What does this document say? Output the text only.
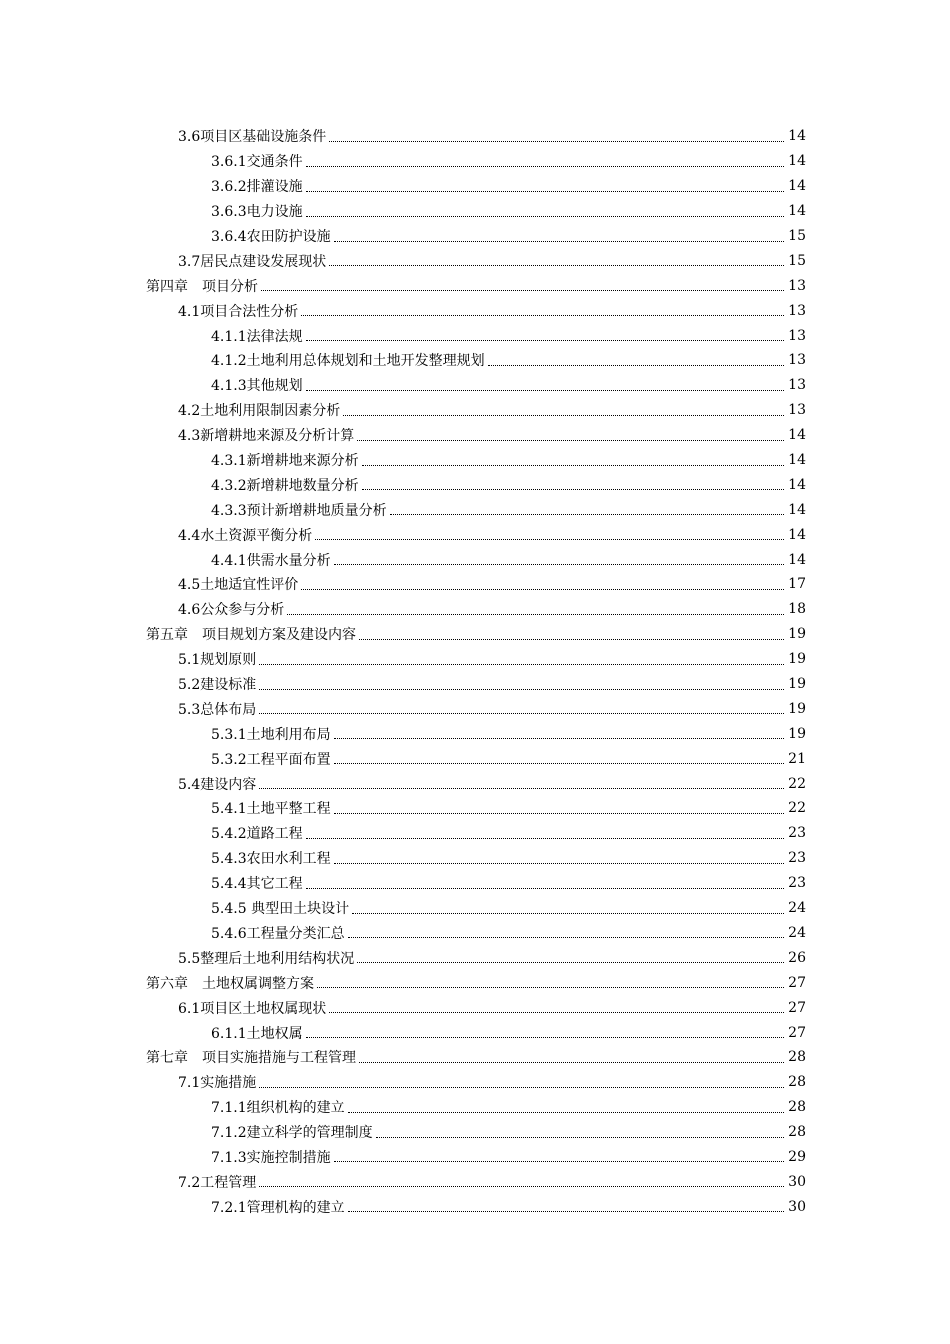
3.6项目区基础设施条件	14
3.6.1交通条件	14
3.6.2排灌设施	14
3.6.3电力设施	14
3.6.4农田防护设施	15
3.7居民点建设发展现状	15
第四章　项目分析	13
4.1项目合法性分析	13
4.1.1法律法规	13
4.1.2土地利用总体规划和土地开发整理规划	13
4.1.3其他规划	13
4.2土地利用限制因素分析	13
4.3新增耕地来源及分析计算	14
4.3.1新增耕地来源分析	14
4.3.2新增耕地数量分析	14
4.3.3预计新增耕地质量分析	14
4.4水土资源平衡分析	14
4.4.1供需水量分析	14
4.5土地适宜性评价	17
4.6公众参与分析	18
第五章　项目规划方案及建设内容	19
5.1规划原则	19
5.2建设标准	19
5.3总体布局	19
5.3.1土地利用布局	19
5.3.2工程平面布置	21
5.4建设内容	22
5.4.1土地平整工程	22
5.4.2道路工程	23
5.4.3农田水利工程	23
5.4.4其它工程	23
5.4.5 典型田土块设计	24
5.4.6工程量分类汇总	24
5.5整理后土地利用结构状况	26
第六章　土地权属调整方案	27
6.1项目区土地权属现状	27
6.1.1土地权属	27
第七章　项目实施措施与工程管理	28
7.1实施措施	28
7.1.1组织机构的建立	28
7.1.2建立科学的管理制度	28
7.1.3实施控制措施	29
7.2工程管理	30
7.2.1管理机构的建立	30
